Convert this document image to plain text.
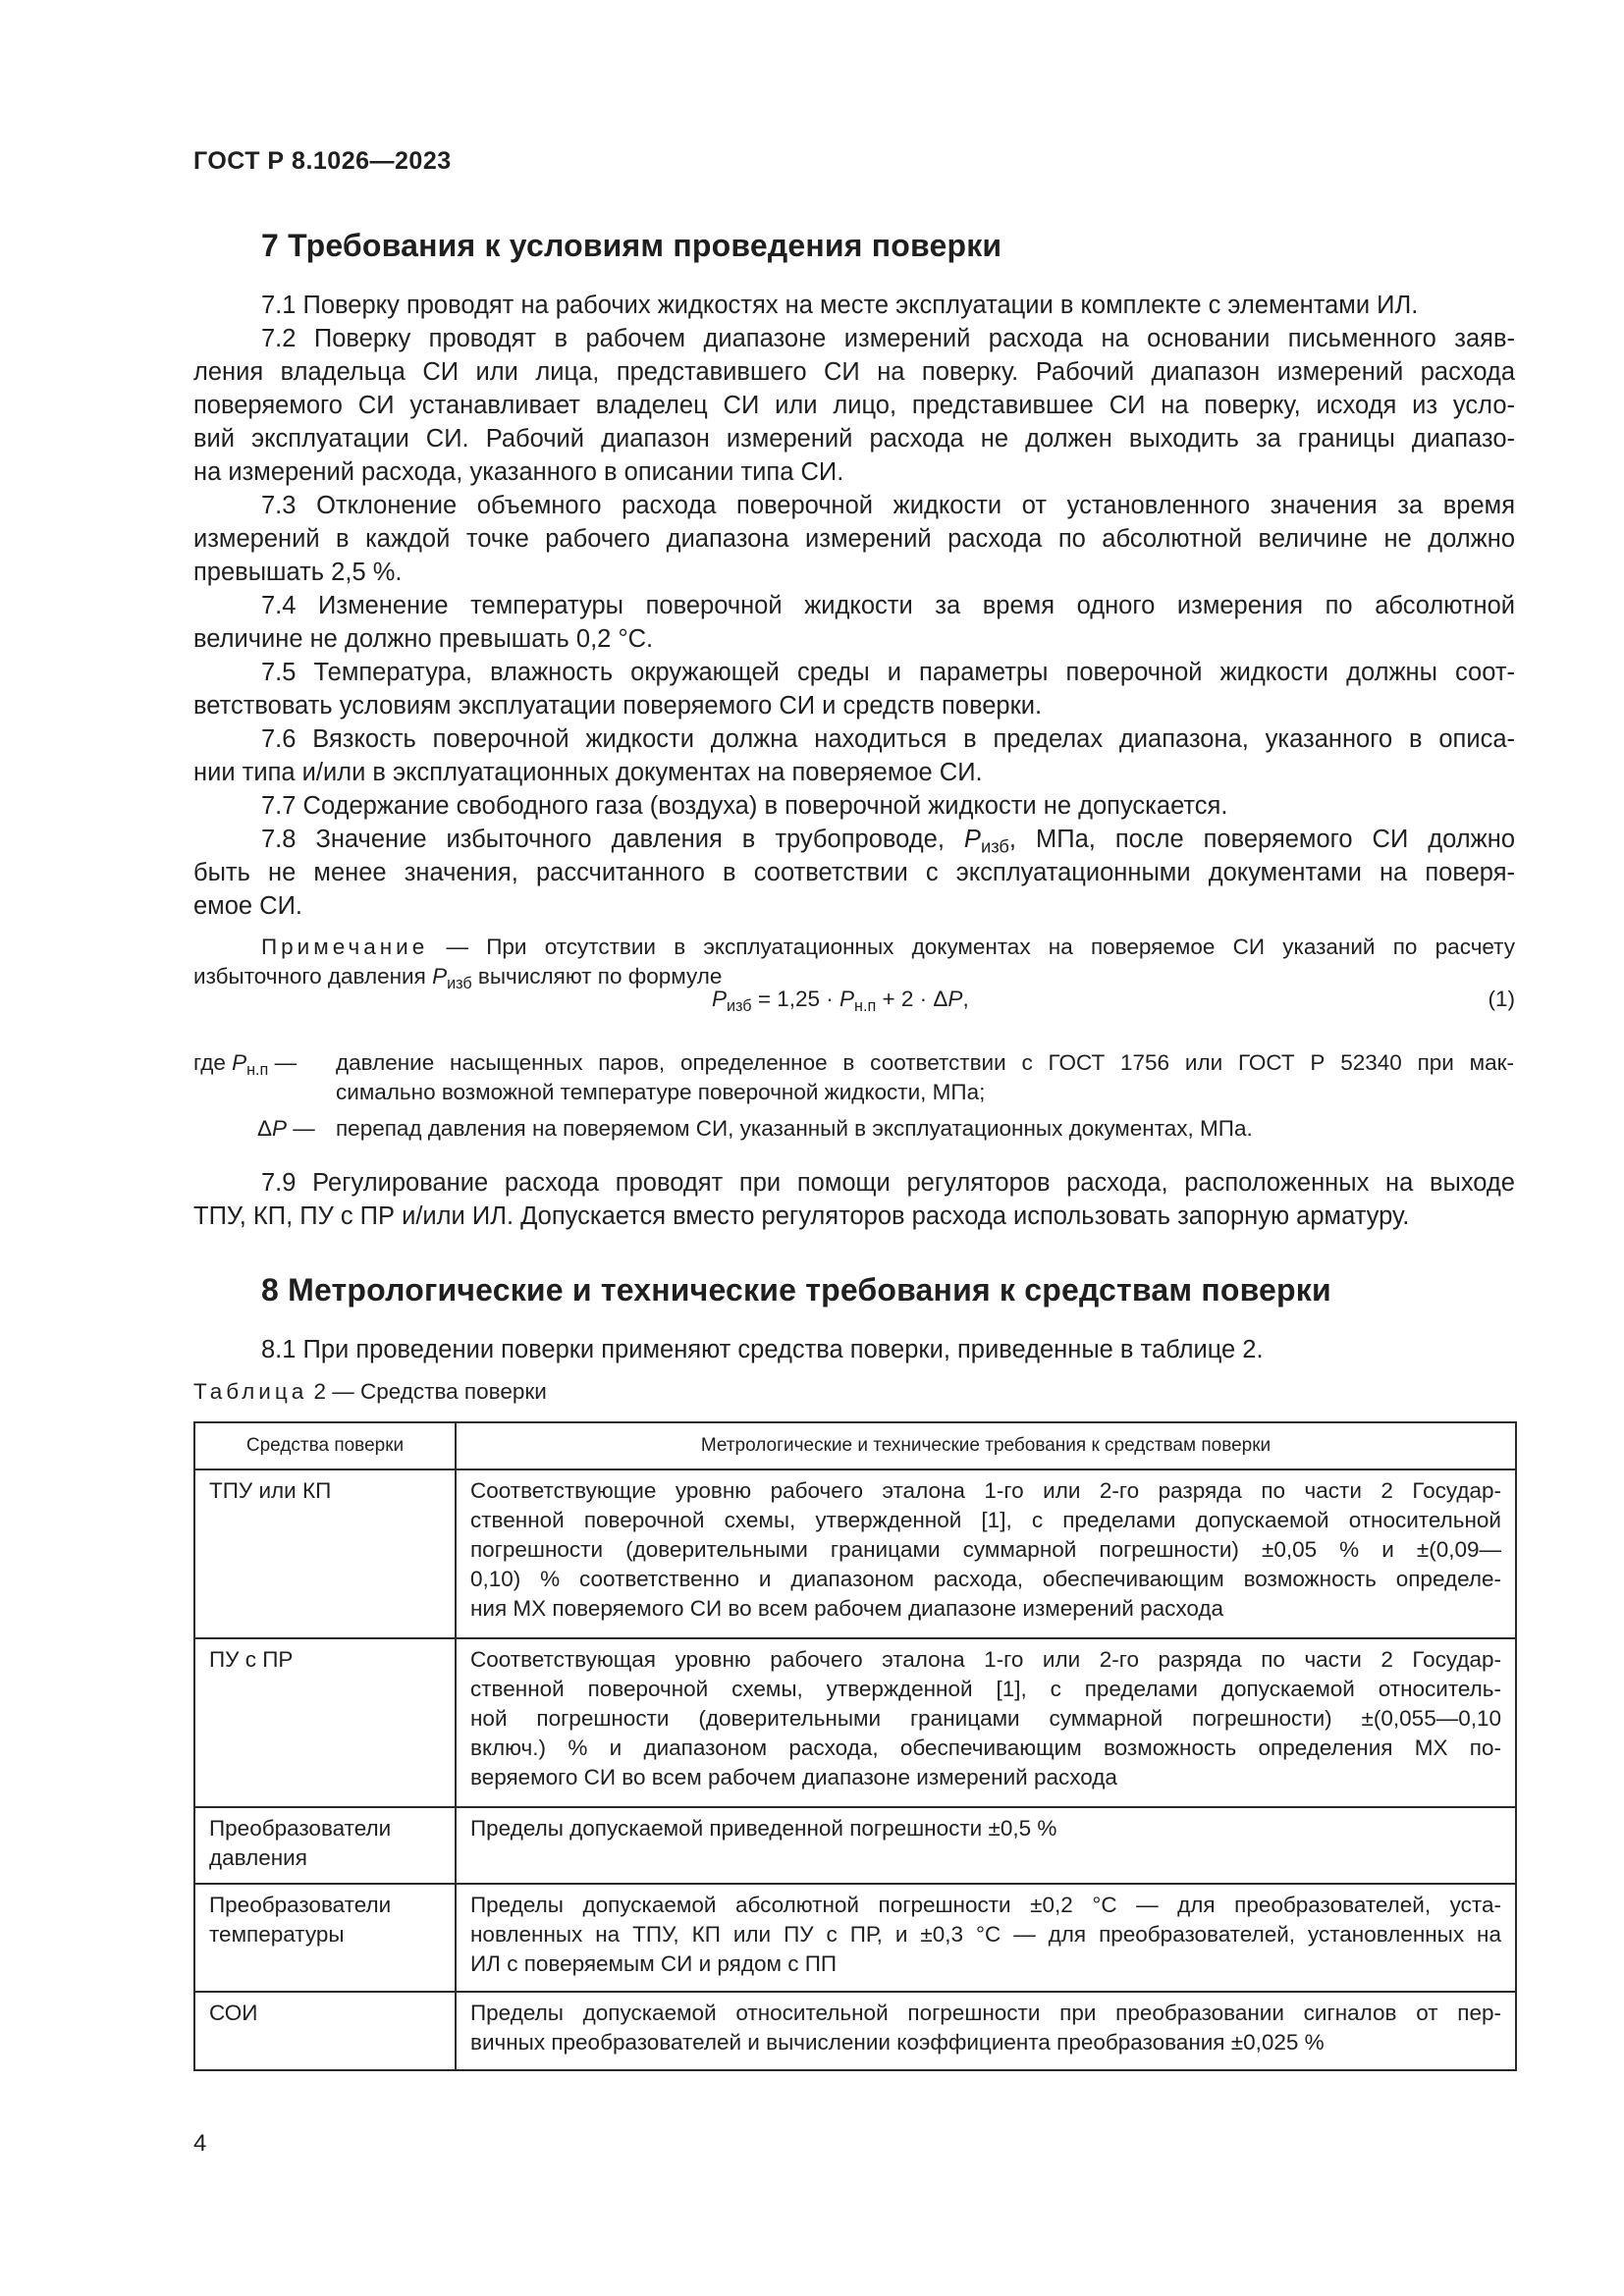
ГОСТ Р 8.1026—2023
7 Требования к условиям проведения поверки
7.1 Поверку проводят на рабочих жидкостях на месте эксплуатации в комплекте с элементами ИЛ.
7.2 Поверку проводят в рабочем диапазоне измерений расхода на основании письменного заяв-
ления владельца СИ или лица, представившего СИ на поверку. Рабочий диапазон измерений расхода
поверяемого СИ устанавливает владелец СИ или лицо, представившее СИ на поверку, исходя из усло-
вий эксплуатации СИ. Рабочий диапазон измерений расхода не должен выходить за границы диапазо-
на измерений расхода, указанного в описании типа СИ.
7.3 Отклонение объемного расхода поверочной жидкости от установленного значения за время
измерений в каждой точке рабочего диапазона измерений расхода по абсолютной величине не должно
превышать 2,5 %.
7.4 Изменение температуры поверочной жидкости за время одного измерения по абсолютной
величине не должно превышать 0,2 °С.
7.5 Температура, влажность окружающей среды и параметры поверочной жидкости должны соот-
ветствовать условиям эксплуатации поверяемого СИ и средств поверки.
7.6 Вязкость поверочной жидкости должна находиться в пределах диапазона, указанного в описа-
нии типа и/или в эксплуатационных документах на поверяемое СИ.
7.7 Содержание свободного газа (воздуха) в поверочной жидкости не допускается.
7.8 Значение избыточного давления в трубопроводе, $Р_{изб}$, МПа, после поверяемого СИ должно
быть не менее значения, рассчитанного в соответствии с эксплуатационными документами на поверя-
емое СИ.
Примечание — При отсутствии в эксплуатационных документах на поверяемое СИ указаний по расчету
избыточного давления $Р_{изб}$ вычисляют по формуле
$Р_{изб} = 1,25 \cdot Р_{н.п} + 2 \cdot \Delta Р$,	(1)
где $Р_{н.п}$ — давление насыщенных паров, определенное в соответствии с ГОСТ 1756 или ГОСТ Р 52340 при мак-
симально возможной температуре поверочной жидкости, МПа;
ΔР — перепад давления на поверяемом СИ, указанный в эксплуатационных документах, МПа.
7.9 Регулирование расхода проводят при помощи регуляторов расхода, расположенных на выходе
ТПУ, КП, ПУ с ПР и/или ИЛ. Допускается вместо регуляторов расхода использовать запорную арматуру.
8 Метрологические и технические требования к средствам поверки
8.1 При проведении поверки применяют средства поверки, приведенные в таблице 2.
Таблица 2 — Средства поверки
Средства поверки	Метрологические и технические требования к средствам поверки

ТПУ или КП	Соответствующие уровню рабочего эталона 1-го или 2-го разряда по части 2 Государ-
ственной поверочной схемы, утвержденной [1], с пределами допускаемой относительной
погрешности (доверительными границами суммарной погрешности) ±0,05 % и ±(0,09—
0,10) % соответственно и диапазоном расхода, обеспечивающим возможность определе-
ния МХ поверяемого СИ во всем рабочем диапазоне измерений расхода

ПУ с ПР	Соответствующая уровню рабочего эталона 1-го или 2-го разряда по части 2 Государ-
ственной поверочной схемы, утвержденной [1], с пределами допускаемой относитель-
ной погрешности (доверительными границами суммарной погрешности) ±(0,055—0,10
включ.) % и диапазоном расхода, обеспечивающим возможность определения МХ по-
веряемого СИ во всем рабочем диапазоне измерений расхода

Преобразователи
давления	Пределы допускаемой приведенной погрешности ±0,5 %

Преобразователи
температуры	Пределы допускаемой абсолютной погрешности ±0,2 °С — для преобразователей, уста-
новленных на ТПУ, КП или ПУ с ПР, и ±0,3 °С — для преобразователей, установленных на
ИЛ с поверяемым СИ и рядом с ПП

СОИ	Пределы допускаемой относительной погрешности при преобразовании сигналов от пер-
вичных преобразователей и вычислении коэффициента преобразования ±0,025 %
4
